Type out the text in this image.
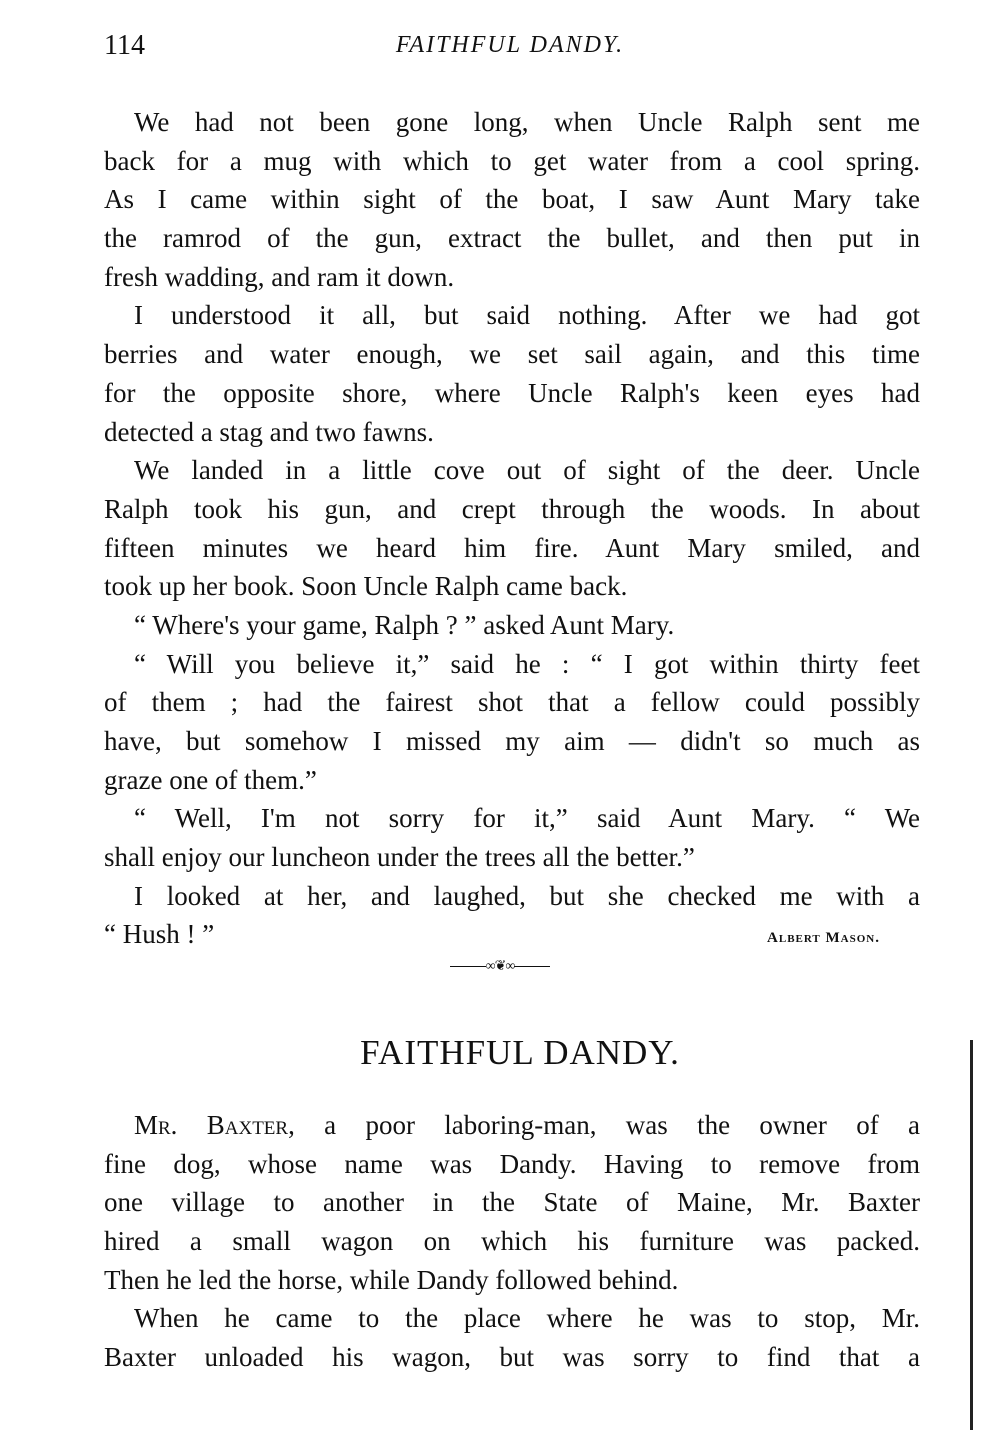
114	FAITHFUL DANDY.
We had not been gone long, when Uncle Ralph sent me
back for a mug with which to get water from a cool spring.
As I came within sight of the boat, I saw Aunt Mary take
the ramrod of the gun, extract the bullet, and then put in
fresh wadding, and ram it down.
I understood it all, but said nothing. After we had got
berries and water enough, we set sail again, and this time
for the opposite shore, where Uncle Ralph's keen eyes had
detected a stag and two fawns.
We landed in a little cove out of sight of the deer. Uncle
Ralph took his gun, and crept through the woods. In about
fifteen minutes we heard him fire. Aunt Mary smiled, and
took up her book. Soon Uncle Ralph came back.
“ Where's your game, Ralph ? ” asked Aunt Mary.
“ Will you believe it,” said he : “ I got within thirty feet
of them ; had the fairest shot that a fellow could possibly
have, but somehow I missed my aim — didn't so much as
graze one of them.”
“ Well, I'm not sorry for it,” said Aunt Mary. “ We
shall enjoy our luncheon under the trees all the better.”
I looked at her, and laughed, but she checked me with a
“ Hush ! ”	Albert Mason.
∞❦∞
FAITHFUL DANDY.
Mr. Baxter, a poor laboring-man, was the owner of a
fine dog, whose name was Dandy. Having to remove from
one village to another in the State of Maine, Mr. Baxter
hired a small wagon on which his furniture was packed.
Then he led the horse, while Dandy followed behind.
When he came to the place where he was to stop, Mr.
Baxter unloaded his wagon, but was sorry to find that a
